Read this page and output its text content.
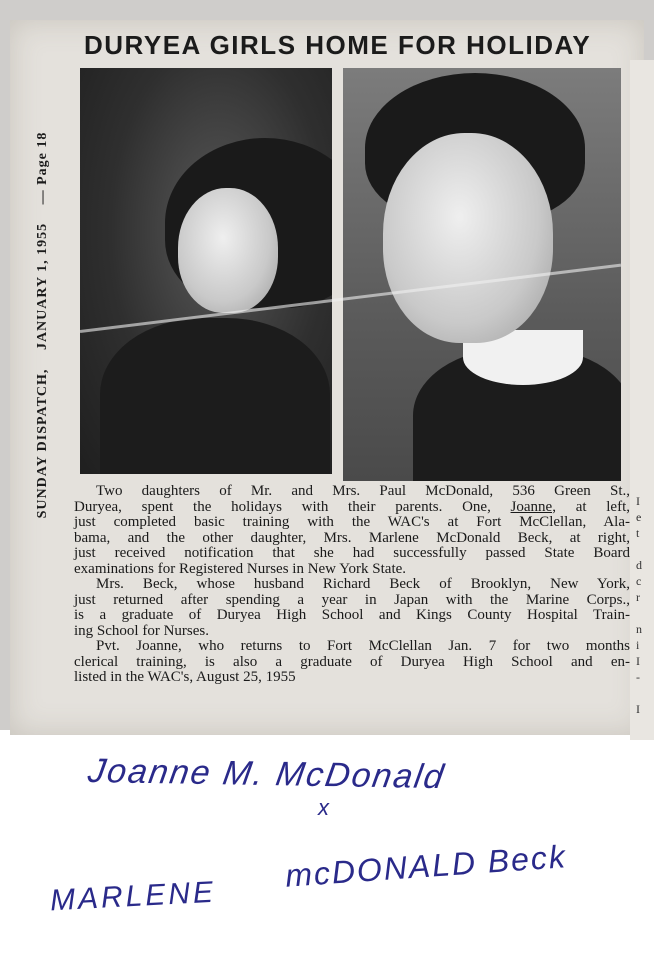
I
e
t
d
c
r
n
i
I
-
I
DURYEA GIRLS HOME FOR HOLIDAY
SUNDAY DISPATCH, JANUARY 1, 1955 — Page 18
Two daughters of Mr. and Mrs. Paul McDonald, 536 Green St.,
Duryea, spent the holidays with their parents. One, Joanne, at left,
just completed basic training with the WAC's at Fort McClellan, Ala-
bama, and the other daughter, Mrs. Marlene McDonald Beck, at right,
just received notification that she had successfully passed State Board
examinations for Registered Nurses in New York State.
Mrs. Beck, whose husband Richard Beck of Brooklyn, New York,
just returned after spending a year in Japan with the Marine Corps.,
is a graduate of Duryea High School and Kings County Hospital Train-
ing School for Nurses.
Pvt. Joanne, who returns to Fort McClellan Jan. 7 for two months
clerical training, is also a graduate of Duryea High School and en-
listed in the WAC's, August 25, 1955
Joanne M. McDonald
x
MARLENE
mcDONALD Beck
